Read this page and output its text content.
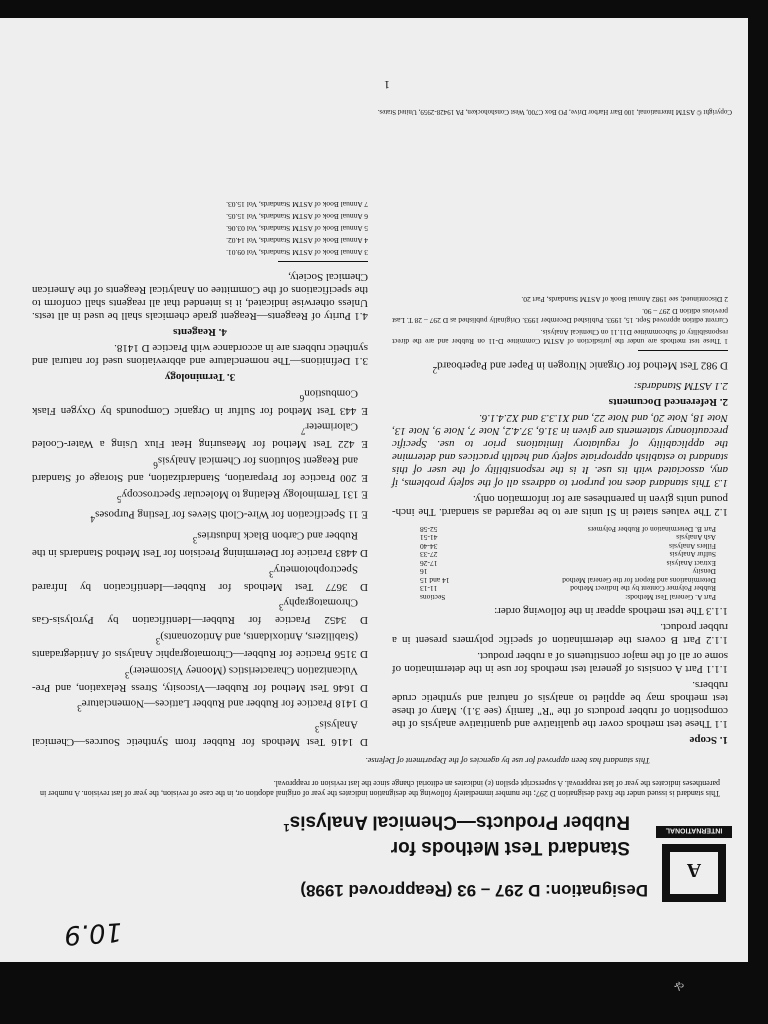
ゃ
10.9
A
INTERNATIONAL
Designation: D 297 – 93 (Reapproved 1998)
Standard Test Methods for
Rubber Products—Chemical Analysis$^1$
This standard is issued under the fixed designation D 297; the number immediately following the designation indicates the year of original adoption or, in the case of revision, the year of last revision. A number in parentheses indicates the year of last reapproval. A superscript epsilon (ε) indicates an editorial change since the last revision or reapproval.
This standard has been approved for use by agencies of the Department of Defense.
1. Scope

1.1 These test methods cover the qualitative and quantitative analysis of the composition of rubber products of the "R" family (see 3.1). Many of these test methods may be applied to analysis of natural and synthetic crude rubbers.

1.1.1 Part A consists of general test methods for use in the determination of some or all of the major constituents of a rubber product.

1.1.2 Part B covers the determination of specific polymers present in a rubber product.

1.1.3 The test methods appear in the following order:

Part A. General Test Methods:	Sections
Rubber Polymer Content by the Indirect Method	11-13
Determinations and Report for the General Method	14 and 15
Density	16
Extract Analysis	17-26
Sulfur Analysis	27-33
Fillers Analysis	34-40
Ash Analysis	41-51
Part B. Determination of Rubber Polymers	52-58

1.2 The values stated in SI units are to be regarded as standard. The inch-pound units given in parentheses are for information only.

1.3 This standard does not purport to address all of the safety problems, if any, associated with its use. It is the responsibility of the user of this standard to establish appropriate safety and health practices and determine the applicability of regulatory limitations prior to use. Specific precautionary statements are given in 31.6, 37.4.2, Note 7, Note 9, Note 13, Note 18, Note 20, and Note 22, and X1.3.3 and X2.4.1.6.

2. Referenced Documents

2.1 ASTM Standards:

D 982 Test Method for Organic Nitrogen in Paper and Paperboard$^2$

1 These test methods are under the jurisdiction of ASTM Committee D-11 on Rubber and are the direct responsibility of Subcommittee D11.11 on Chemical Analysis.

Current edition approved Sept. 15, 1993. Published December 1993. Originally published as D 297 – 28 T. Last previous edition D 297 – 90.

2 Discontinued; see 1982 Annual Book of ASTM Standards, Part 20.

D 1416 Test Methods for Rubber from Synthetic Sources—Chemical Analysis$^3$

D 1418 Practice for Rubber and Rubber Lattices—Nomenclature$^3$

D 1646 Test Method for Rubber—Viscosity, Stress Relaxation, and Pre-Vulcanization Characteristics (Mooney Viscometer)$^3$

D 3156 Practice for Rubber—Chromatographic Analysis of Antidegradants (Stabilizers, Antioxidants, and Antiozonants)$^3$

D 3452 Practice for Rubber—Identification by Pyrolysis-Gas Chromatography$^3$

D 3677 Test Methods for Rubber—Identification by Infrared Spectrophotometry$^3$

D 4483 Practice for Determining Precision for Test Method Standards in the Rubber and Carbon Black Industries$^3$

E 11 Specification for Wire-Cloth Sieves for Testing Purposes$^4$

E 131 Terminology Relating to Molecular Spectroscopy$^5$

E 200 Practice for Preparation, Standardization, and Storage of Standard and Reagent Solutions for Chemical Analysis$^6$

E 422 Test Method for Measuring Heat Flux Using a Water-Cooled Calorimeter$^7$

E 443 Test Method for Sulfur in Organic Compounds by Oxygen Flask Combustion$^6$

3. Terminology

3.1 Definitions—The nomenclature and abbreviations used for natural and synthetic rubbers are in accordance with Practice D 1418.

4. Reagents

4.1 Purity of Reagents—Reagent grade chemicals shall be used in all tests. Unless otherwise indicated, it is intended that all reagents shall conform to the specifications of the Committee on Analytical Reagents of the American Chemical Society,

3 Annual Book of ASTM Standards, Vol 09.01.

4 Annual Book of ASTM Standards, Vol 14.02.

5 Annual Book of ASTM Standards, Vol 03.06.

6 Annual Book of ASTM Standards, Vol 15.05.

7 Annual Book of ASTM Standards, Vol 15.03.

Copyright © ASTM International, 100 Barr Harbor Drive, PO Box C700, West Conshohocken, PA 19428-2959, United States.
1
